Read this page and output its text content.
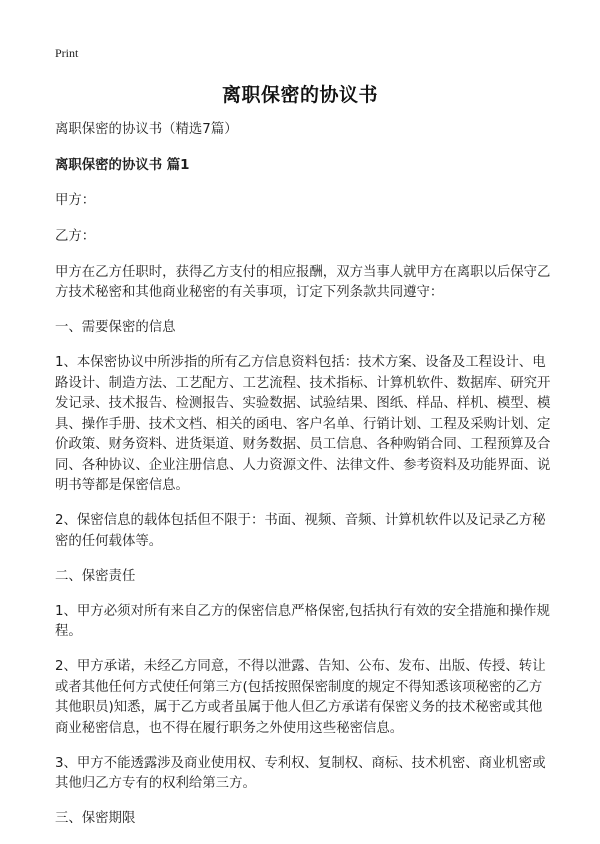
Print
离职保密的协议书

离职保密的协议书（精选7篇）

离职保密的协议书 篇1

甲方：

乙方：

甲方在乙方任职时，获得乙方支付的相应报酬，双方当事人就甲方在离职以后保守乙方技术秘密和其他商业秘密的有关事项，订定下列条款共同遵守：

一、需要保密的信息

1、本保密协议中所涉指的所有乙方信息资料包括：技术方案、设备及工程设计、电路设计、制造方法、工艺配方、工艺流程、技术指标、计算机软件、数据库、研究开发记录、技术报告、检测报告、实验数据、试验结果、图纸、样品、样机、模型、模具、操作手册、技术文档、相关的函电、客户名单、行销计划、工程及采购计划、定价政策、财务资料、进货渠道、财务数据、员工信息、各种购销合同、工程预算及合同、各种协议、企业注册信息、人力资源文件、法律文件、参考资料及功能界面、说明书等都是保密信息。

2、保密信息的载体包括但不限于：书面、视频、音频、计算机软件以及记录乙方秘密的任何载体等。

二、保密责任

1、甲方必须对所有来自乙方的保密信息严格保密,包括执行有效的安全措施和操作规程。

2、甲方承诺，未经乙方同意，不得以泄露、告知、公布、发布、出版、传授、转让或者其他任何方式使任何第三方(包括按照保密制度的规定不得知悉该项秘密的乙方其他职员)知悉，属于乙方或者虽属于他人但乙方承诺有保密义务的技术秘密或其他商业秘密信息，也不得在履行职务之外使用这些秘密信息。

3、甲方不能透露涉及商业使用权、专利权、复制权、商标、技术机密、商业机密或其他归乙方专有的权利给第三方。

三、保密期限
